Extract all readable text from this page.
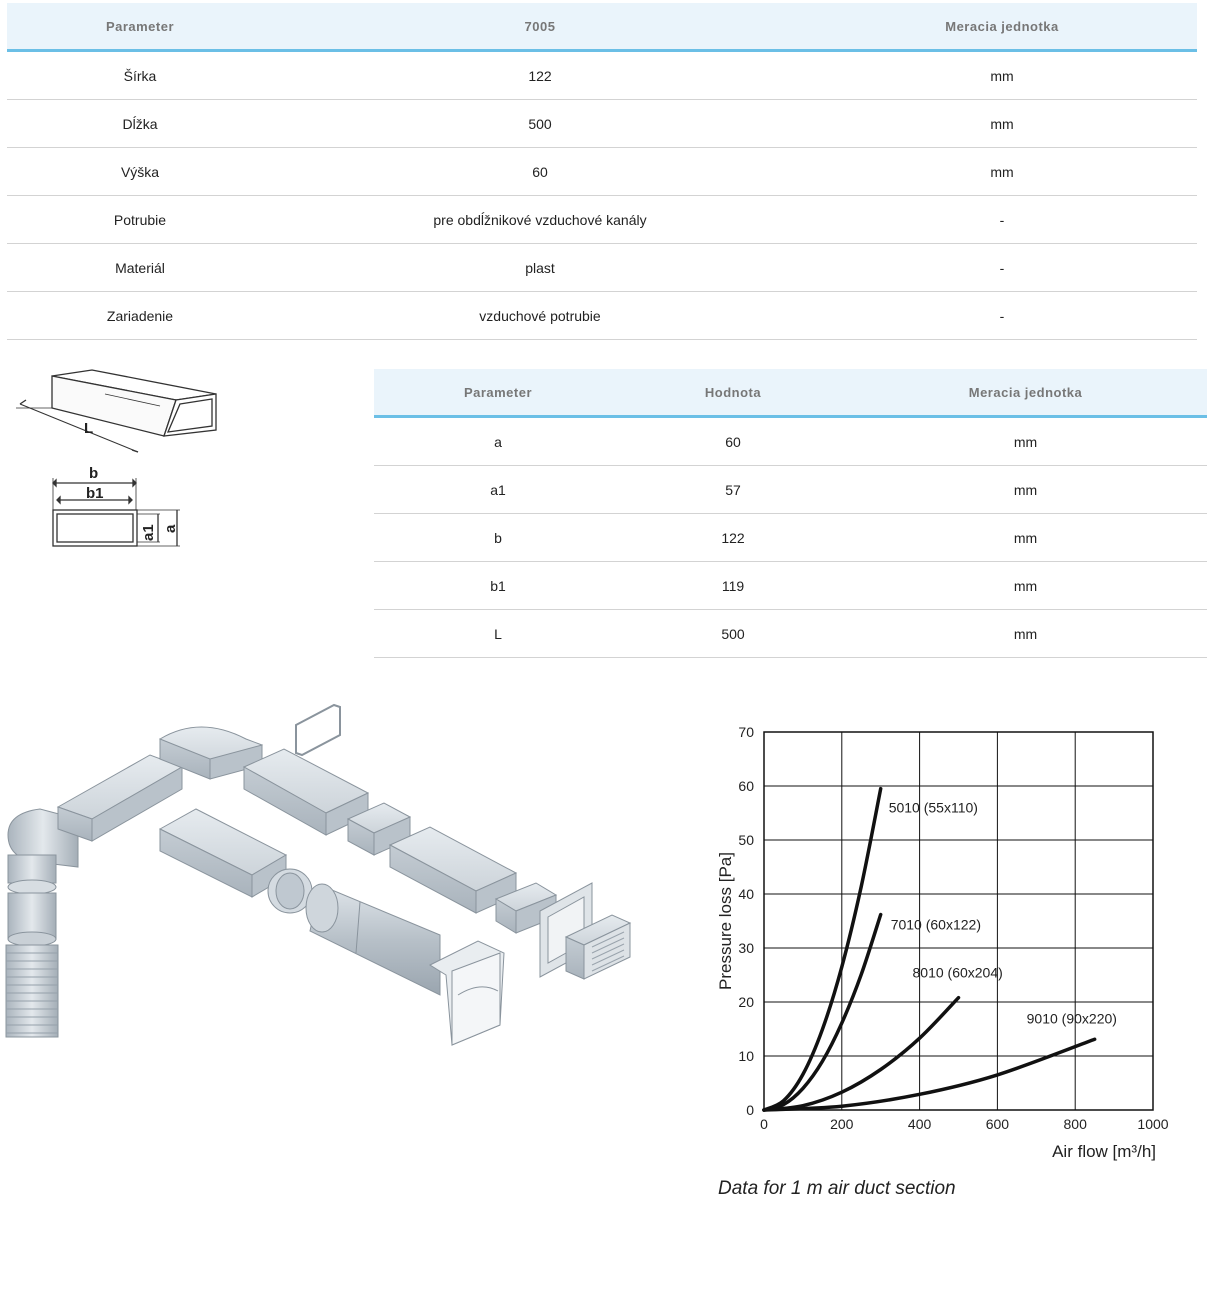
Parameter	7005	Meracia jednotka
Šírka	122	mm
Dĺžka	500	mm
Výška	60	mm
Potrubie	pre obdĺžnikové vzduchové kanály	-
Materiál	plast	-
Zariadenie	vzduchové potrubie	-
L
b
b1
a1 a
Parameter	Hodnota	Meracia jednotka
a	60	mm
a1	57	mm
b	122	mm
b1	119	mm
L	500	mm
0	200	400	600	800	1000
0
10
20
30
40
50
60
70
5010 (55x110)
7010 (60x122)
8010 (60x204)
9010 (90x220)
Pressure loss [Pa]
Air flow [m³/h]
Data for 1 m air duct section
